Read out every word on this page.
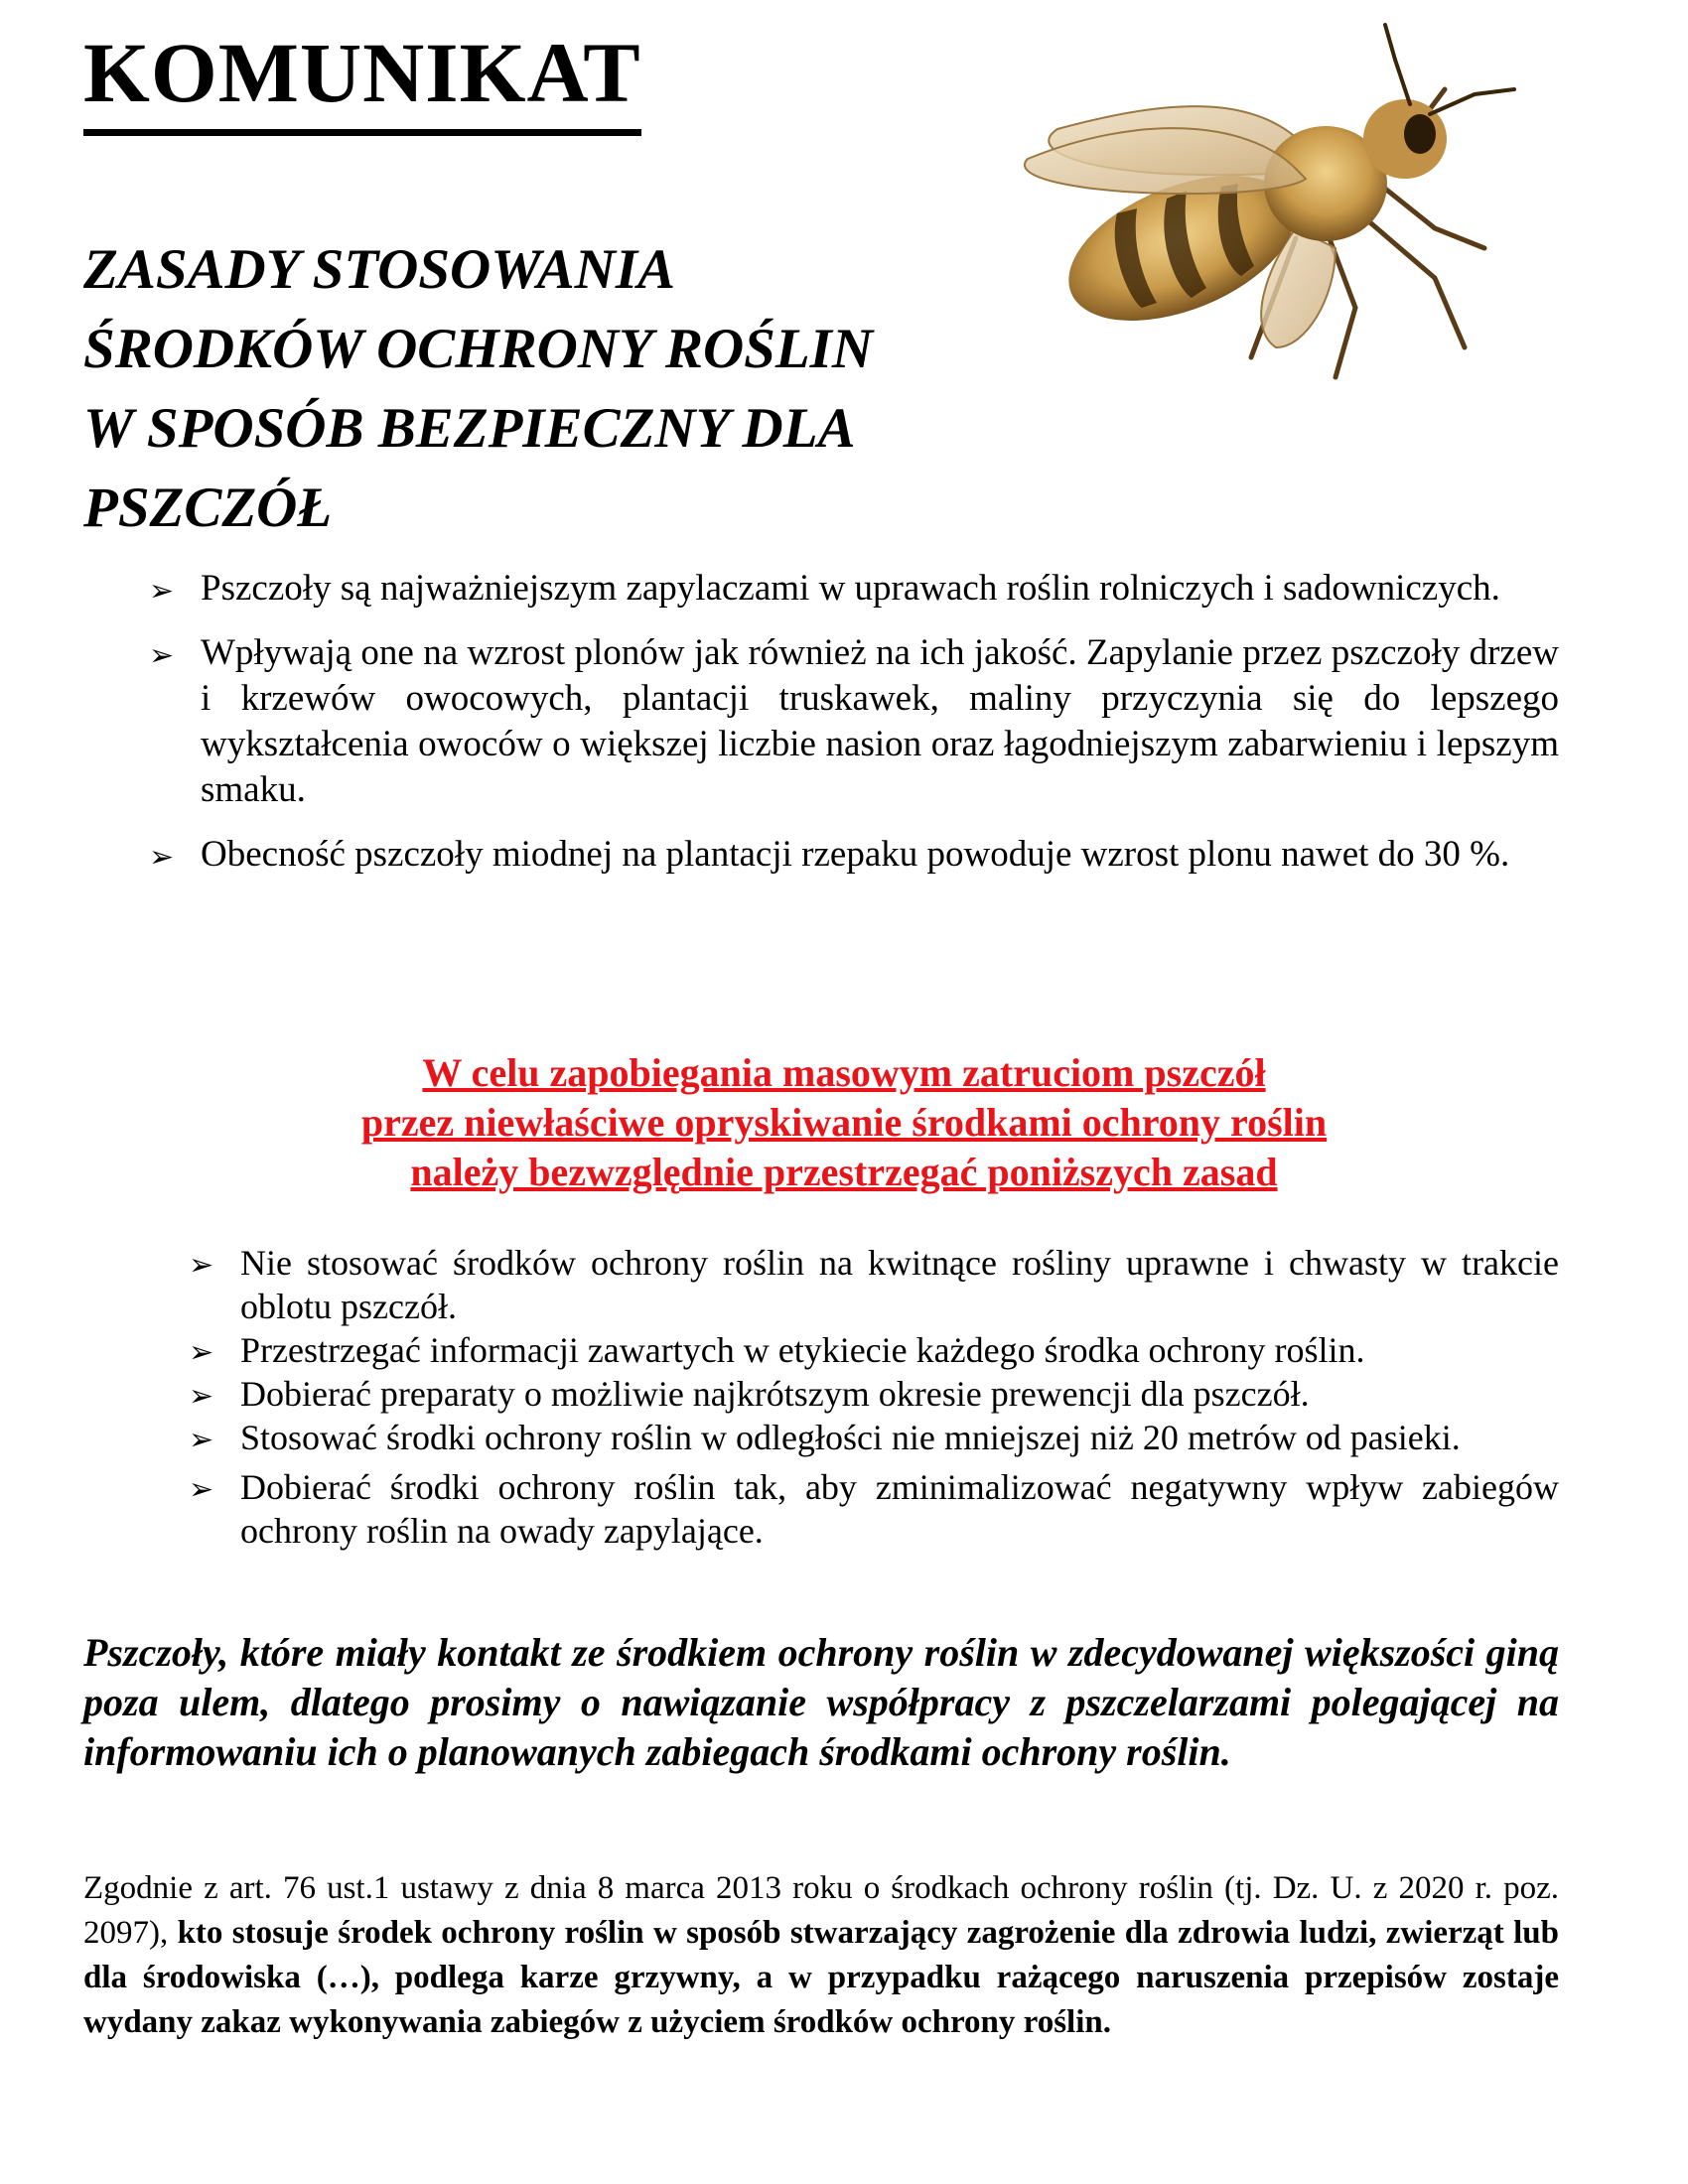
KOMUNIKAT
ZASADY STOSOWANIA
ŚRODKÓW OCHRONY ROŚLIN
W SPOSÓB BEZPIECZNY DLA
PSZCZÓŁ
➢ Pszczoły są najważniejszym zapylaczami w uprawach roślin rolniczych i sadowniczych.
➢ Wpływają one na wzrost plonów jak również na ich jakość. Zapylanie przez pszczoły drzew i krzewów owocowych, plantacji truskawek, maliny przyczynia się do lepszego wykształcenia owoców o większej liczbie nasion oraz łagodniejszym zabarwieniu i lepszym smaku.
➢ Obecność pszczoły miodnej na plantacji rzepaku powoduje wzrost plonu nawet do 30 %.
W celu zapobiegania masowym zatruciom pszczół
przez niewłaściwe opryskiwanie środkami ochrony roślin
należy bezwzględnie przestrzegać poniższych zasad
➢ Nie stosować środków ochrony roślin na kwitnące rośliny uprawne i chwasty w trakcie oblotu pszczół.
➢ Przestrzegać informacji zawartych w etykiecie każdego środka ochrony roślin.
➢ Dobierać preparaty o możliwie najkrótszym okresie prewencji dla pszczół.
➢ Stosować środki ochrony roślin w odległości nie mniejszej niż 20 metrów od pasieki.
➢ Dobierać środki ochrony roślin tak, aby zminimalizować negatywny wpływ zabiegów ochrony roślin na owady zapylające.

Pszczoły, które miały kontakt ze środkiem ochrony roślin w zdecydowanej większości giną poza ulem, dlatego prosimy o nawiązanie współpracy z pszczelarzami polegającej na informowaniu ich o planowanych zabiegach środkami ochrony roślin.

Zgodnie z art. 76 ust.1 ustawy z dnia 8 marca 2013 roku o środkach ochrony roślin (tj. Dz. U. z 2020 r. poz. 2097), kto stosuje środek ochrony roślin w sposób stwarzający zagrożenie dla zdrowia ludzi, zwierząt lub dla środowiska (…), podlega karze grzywny, a w przypadku rażącego naruszenia przepisów zostaje wydany zakaz wykonywania zabiegów z użyciem środków ochrony roślin.
